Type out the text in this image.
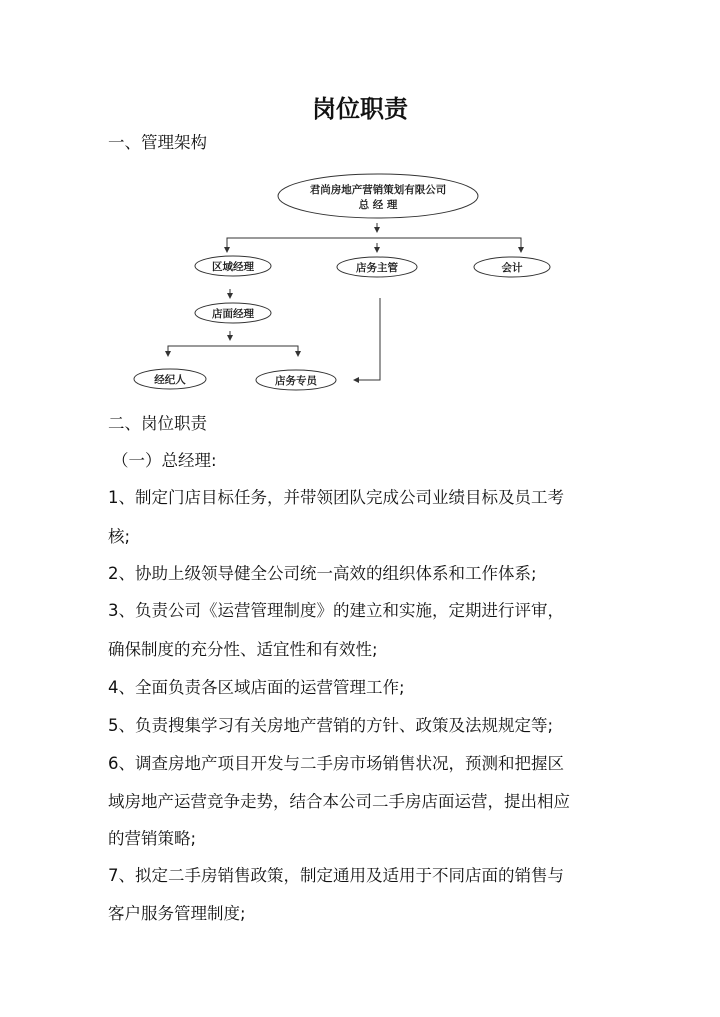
岗位职责
一、管理架构
君尚房地产营销策划有限公司
总 经 理
区域经理	店务主管	会计
店面经理
经纪人	店务专员
二、岗位职责
（一）总经理:
1、制定门店目标任务，并带领团队完成公司业绩目标及员工考
核;
2、协助上级领导健全公司统一高效的组织体系和工作体系;
3、负责公司《运营管理制度》的建立和实施，定期进行评审，
确保制度的充分性、适宜性和有效性;
4、全面负责各区域店面的运营管理工作;
5、负责搜集学习有关房地产营销的方针、政策及法规规定等;
6、调查房地产项目开发与二手房市场销售状况，预测和把握区
域房地产运营竞争走势，结合本公司二手房店面运营，提出相应
的营销策略;
7、拟定二手房销售政策，制定通用及适用于不同店面的销售与
客户服务管理制度;
